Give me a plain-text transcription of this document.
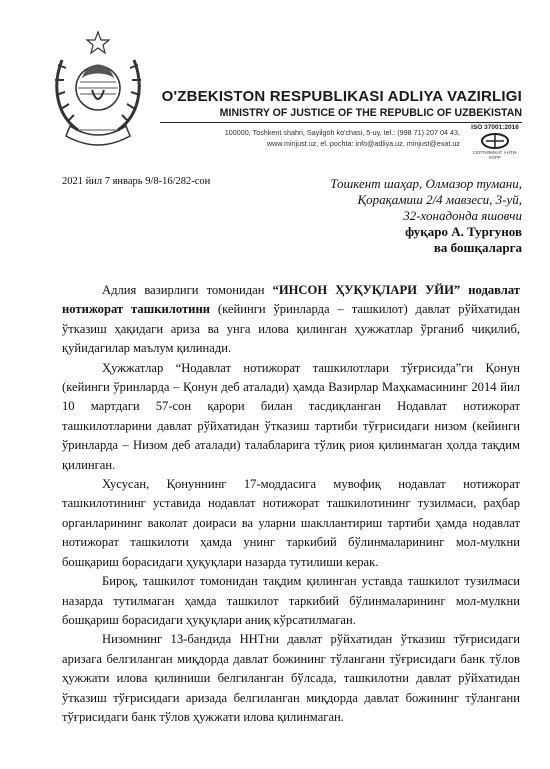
O'ZBEKISTON RESPUBLIKASI ADLIYA VAZIRLIGI
MINISTRY OF JUSTICE OF THE REPUBLIC OF UZBEKISTAN
100000, Toshkent shahri, Sayilgoh ko'chasi, 5-uy, tel.: (998 71) 207 04 43,
www.minjust.uz, el. pochta: info@adliya.uz, minjust@exat.uz
ISO 37001:2016
СЕРТИФИКАТ АНТИ-КОРР
2021 йил 7 январь 9/8-16/282-сон	Тошкент шаҳар, Олмазор тумани,
Қорақамиш 2/4 мавзеси, 3-уй,
32-хонадонда яшовчи
фуқаро А. Тургунов
ва бошқаларга

Адлия вазирлиги томонидан “ИНСОН ҲУҚУҚЛАРИ УЙИ” нодавлат нотижорат ташкилотини (кейинги ўринларда – ташкилот) давлат рўйхатидан ўтказиш ҳақидаги ариза ва унга илова қилинган ҳужжатлар ўрганиб чиқилиб, қуйидагилар маълум қилинади.

Ҳужжатлар “Нодавлат нотижорат ташкилотлари тўғрисида”ги Қонун (кейинги ўринларда – Қонун деб аталади) ҳамда Вазирлар Маҳкамасининг 2014 йил 10 мартдаги 57-сон қарори билан тасдиқланган Нодавлат нотижорат ташкилотларини давлат рўйхатидан ўтказиш тартиби тўғрисидаги низом (кейинги ўринларда – Низом деб аталади) талабларига тўлиқ риоя қилинмаган ҳолда тақдим қилинган.

Хусусан, Қонуннинг 17-моддасига мувофиқ нодавлат нотижорат ташкилотининг уставида нодавлат нотижорат ташкилотининг тузилмаси, раҳбар органларининг ваколат доираси ва уларни шакллантириш тартиби ҳамда нодавлат нотижорат ташкилоти ҳамда унинг таркибий бўлинмаларининг мол-мулкни бошқариш борасидаги ҳуқуқлари назарда тутилиши керак.

Бироқ, ташкилот томонидан тақдим қилинган уставда ташкилот тузилмаси назарда тутилмаган ҳамда ташкилот таркибий бўлинмаларининг мол-мулкни бошқариш борасидаги ҳуқуқлари аниқ кўрсатилмаган.

Низомнинг 13-бандида ННТни давлат рўйхатидан ўтказиш тўғрисидаги аризага белгиланган миқдорда давлат божининг тўлангани тўғрисидаги банк тўлов ҳужжати илова қилиниши белгиланган бўлсада, ташкилотни давлат рўйхатидан ўтказиш тўғрисидаги аризада белгиланган миқдорда давлат божининг тўлангани тўғрисидаги банк тўлов ҳужжати илова қилинмаган.
